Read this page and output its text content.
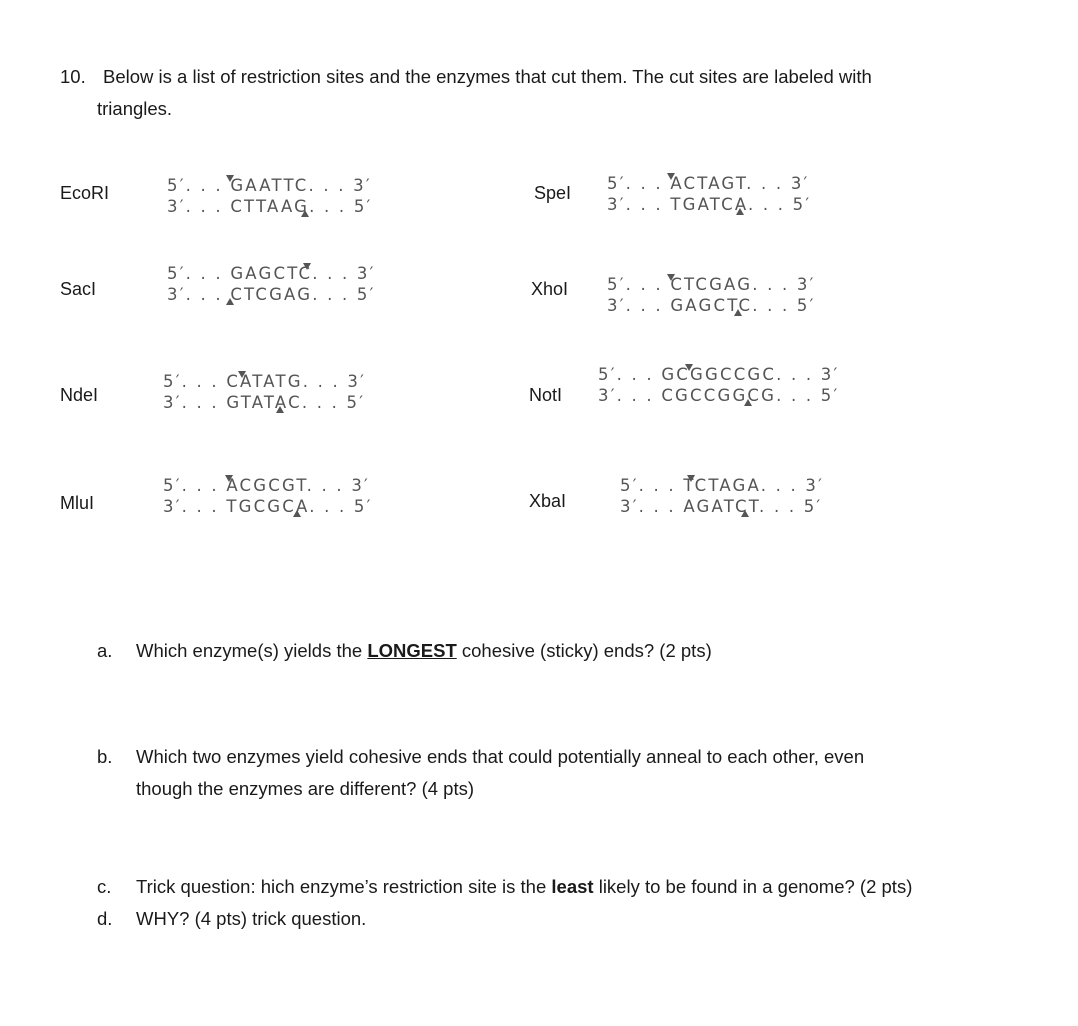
10. Below is a list of restriction sites and the enzymes that cut them. The cut sites are labeled with
triangles.
EcoRI	5′. . . GAATTC. . . 3′
3′. . . CTTAAG. . . 5′
SacI
5′. . . GAGCTC. . . 3′
3′. . . CTCGAG. . . 5′
NdeI
5′. . . CATATG. . . 3′
3′. . . GTATAC. . . 5′
MluI
5′. . . ACGCGT. . . 3′
3′. . . TGCGCA. . . 5′
SpeI 5′. . . ACTAGT. . . 3′
3′. . . TGATCA. . . 5′
XhoI 5′. . . CTCGAG. . . 3′
3′. . . GAGCTC. . . 5′
NotI
5′. . . GCGGCCGC. . . 3′
3′. . . CGCCGGCG. . . 5′
XbaI
5′. . . TCTAGA. . . 3′
3′. . . AGATCT. . . 5′
a. Which enzyme(s) yields the LONGEST cohesive (sticky) ends? (2 pts)
b. Which two enzymes yield cohesive ends that could potentially anneal to each other, even
though the enzymes are different? (4 pts)
c. Trick question: hich enzyme’s restriction site is the least likely to be found in a genome? (2 pts)
d. WHY? (4 pts) trick question.
